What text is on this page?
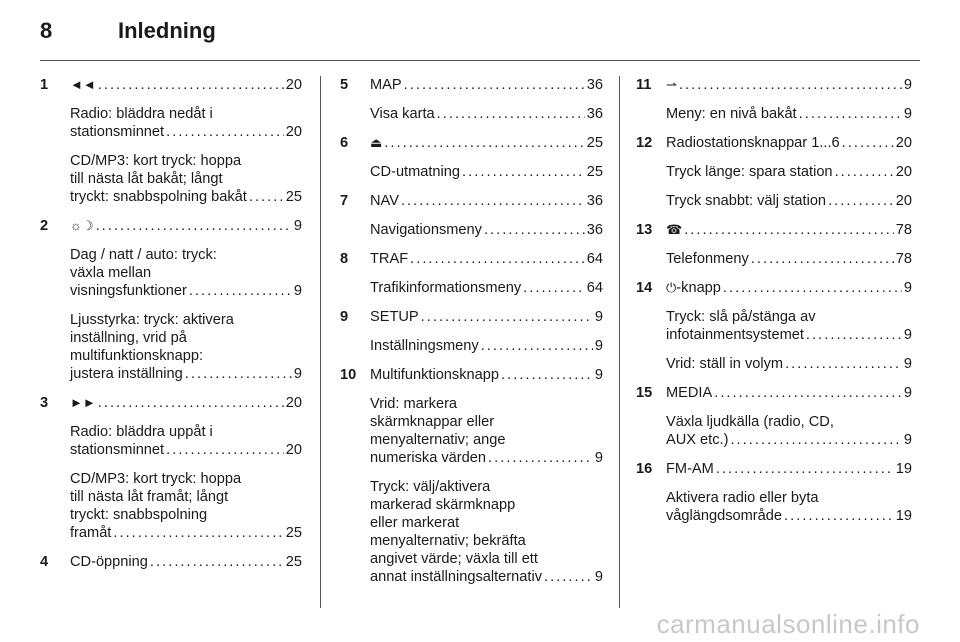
8	Inledning
1	◄◄ . . .	20
Radio: bläddra nedåt i
stationsminnet . . .	20
CD/MP3: kort tryck: hoppa
till nästa låt bakåt; långt
tryckt: snabbspolning bakåt . . .	25
2	☼☽ . . .	9
Dag / natt / auto: tryck:
växla mellan
visningsfunktioner . . .	9
Ljusstyrka: tryck: aktivera
inställning, vrid på
multifunktionsknapp:
justera inställning . . .	9
3	►► . . .	20
Radio: bläddra uppåt i
stationsminnet . . .	20
CD/MP3: kort tryck: hoppa
till nästa låt framåt; långt
tryckt: snabbspolning
framåt . . .	25
4	CD-öppning . . .	25
5	MAP . . .	36
Visa karta . . .	36
6	⏏ . . .	25
CD-utmatning . . .	25
7	NAV . . .	36
Navigationsmeny . . .	36
8	TRAF . . .	64
Trafikinformationsmeny . . .	64
9	SETUP . . .	9
Inställningsmeny . . .	9
10 Multifunktionsknapp . . .	9
Vrid: markera
skärmknappar eller
menyalternativ; ange
numeriska värden . . .	9
Tryck: välj/aktivera
markerad skärmknapp
eller markerat
menyalternativ; bekräfta
angivet värde; växla till ett
annat inställningsalternativ . . .	9
11	⇀ . . .	9
Meny: en nivå bakåt . . .	9
12 Radiostationsknappar 1...6 . . .	20
Tryck länge: spara station . . .	20
Tryck snabbt: välj station . . .	20
13	☎ . . .	78
Telefonmeny . . .	78
14	⏻ -knapp . . .	9
Tryck: slå på/stänga av
infotainmentsystemet . . .	9
Vrid: ställ in volym . . .	9
15 MEDIA . . .	9
Växla ljudkälla (radio, CD,
AUX etc.) . . .	9
16 FM-AM . . .	19
Aktivera radio eller byta
våglängdsområde . . .	19
carmanualsonline.info
